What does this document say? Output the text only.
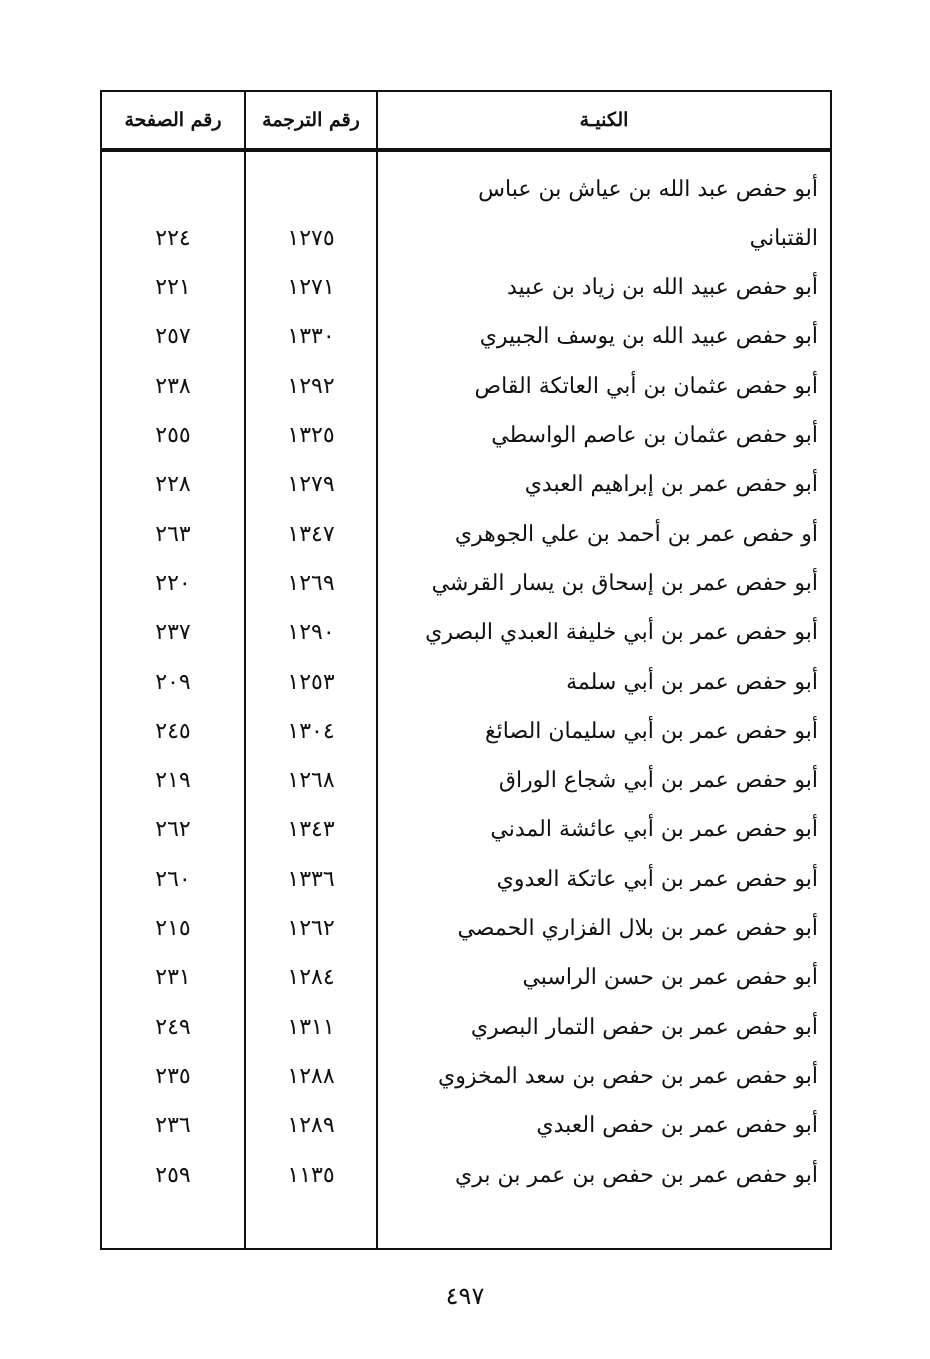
الكنيـة
رقم الترجمة
رقم الصفحة
أبو حفص عبد الله بن عياش بن عباس
القتباني
١٢٧٥
٢٢٤
أبو حفص عبيد الله بن زياد بن عبيد
١٢٧١
٢٢١
أبو حفص عبيد الله بن يوسف الجبيري
١٣٣٠
٢٥٧
أبو حفص عثمان بن أبي العاتكة القاص
١٢٩٢
٢٣٨
أبو حفص عثمان بن عاصم الواسطي
١٣٢٥
٢٥٥
أبو حفص عمر بن إبراهيم العبدي
١٢٧٩
٢٢٨
أو حفص عمر بن أحمد بن علي الجوهري
١٣٤٧
٢٦٣
أبو حفص عمر بن إسحاق بن يسار القرشي
١٢٦٩
٢٢٠
أبو حفص عمر بن أبي خليفة العبدي البصري
١٢٩٠
٢٣٧
أبو حفص عمر بن أبي سلمة
١٢٥٣
٢٠٩
أبو حفص عمر بن أبي سليمان الصائغ
١٣٠٤
٢٤٥
أبو حفص عمر بن أبي شجاع الوراق
١٢٦٨
٢١٩
أبو حفص عمر بن أبي عائشة المدني
١٣٤٣
٢٦٢
أبو حفص عمر بن أبي عاتكة العدوي
١٣٣٦
٢٦٠
أبو حفص عمر بن بلال الفزاري الحمصي
١٢٦٢
٢١٥
أبو حفص عمر بن حسن الراسبي
١٢٨٤
٢٣١
أبو حفص عمر بن حفص التمار البصري
١٣١١
٢٤٩
أبو حفص عمر بن حفص بن سعد المخزوي
١٢٨٨
٢٣٥
أبو حفص عمر بن حفص العبدي
١٢٨٩
٢٣٦
أبو حفص عمر بن حفص بن عمر بن بري
١١٣٥
٢٥٩
٤٩٧
